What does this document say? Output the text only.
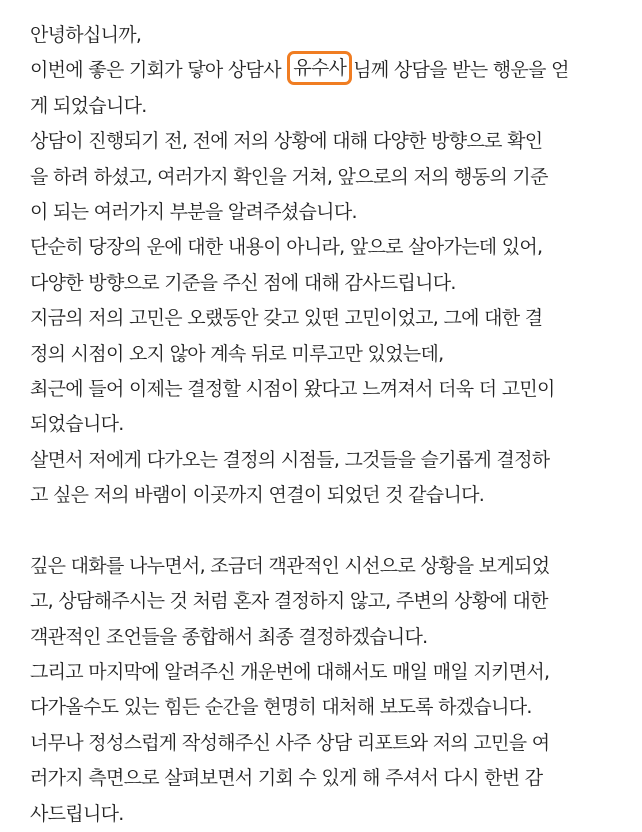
안녕하십니까,
이번에 좋은 기회가 닿아 상담사 유수사 님께 상담을 받는 행운을 얻
게 되었습니다.
상담이 진행되기 전, 전에 저의 상황에 대해 다양한 방향으로 확인
을 하려 하셨고, 여러가지 확인을 거쳐, 앞으로의 저의 행동의 기준
이 되는 여러가지 부분을 알려주셨습니다.
단순히 당장의 운에 대한 내용이 아니라, 앞으로 살아가는데 있어,
다양한 방향으로 기준을 주신 점에 대해 감사드립니다.
지금의 저의 고민은 오랬동안 갖고 있떤 고민이었고, 그에 대한 결
정의 시점이 오지 않아 계속 뒤로 미루고만 있었는데,
최근에 들어 이제는 결정할 시점이 왔다고 느껴져서 더욱 더 고민이
되었습니다.
살면서 저에게 다가오는 결정의 시점들, 그것들을 슬기롭게 결정하
고 싶은 저의 바램이 이곳까지 연결이 되었던 것 같습니다.
깊은 대화를 나누면서, 조금더 객관적인 시선으로 상황을 보게되었
고, 상담해주시는 것 처럼 혼자 결정하지 않고, 주변의 상황에 대한
객관적인 조언들을 종합해서 최종 결정하겠습니다.
그리고 마지막에 알려주신 개운번에 대해서도 매일 매일 지키면서,
다가올수도 있는 힘든 순간을 현명히 대처해 보도록 하겠습니다.
너무나 정성스럽게 작성해주신 사주 상담 리포트와 저의 고민을 여
러가지 측면으로 살펴보면서 기회 수 있게 해 주셔서 다시 한번 감
사드립니다.
